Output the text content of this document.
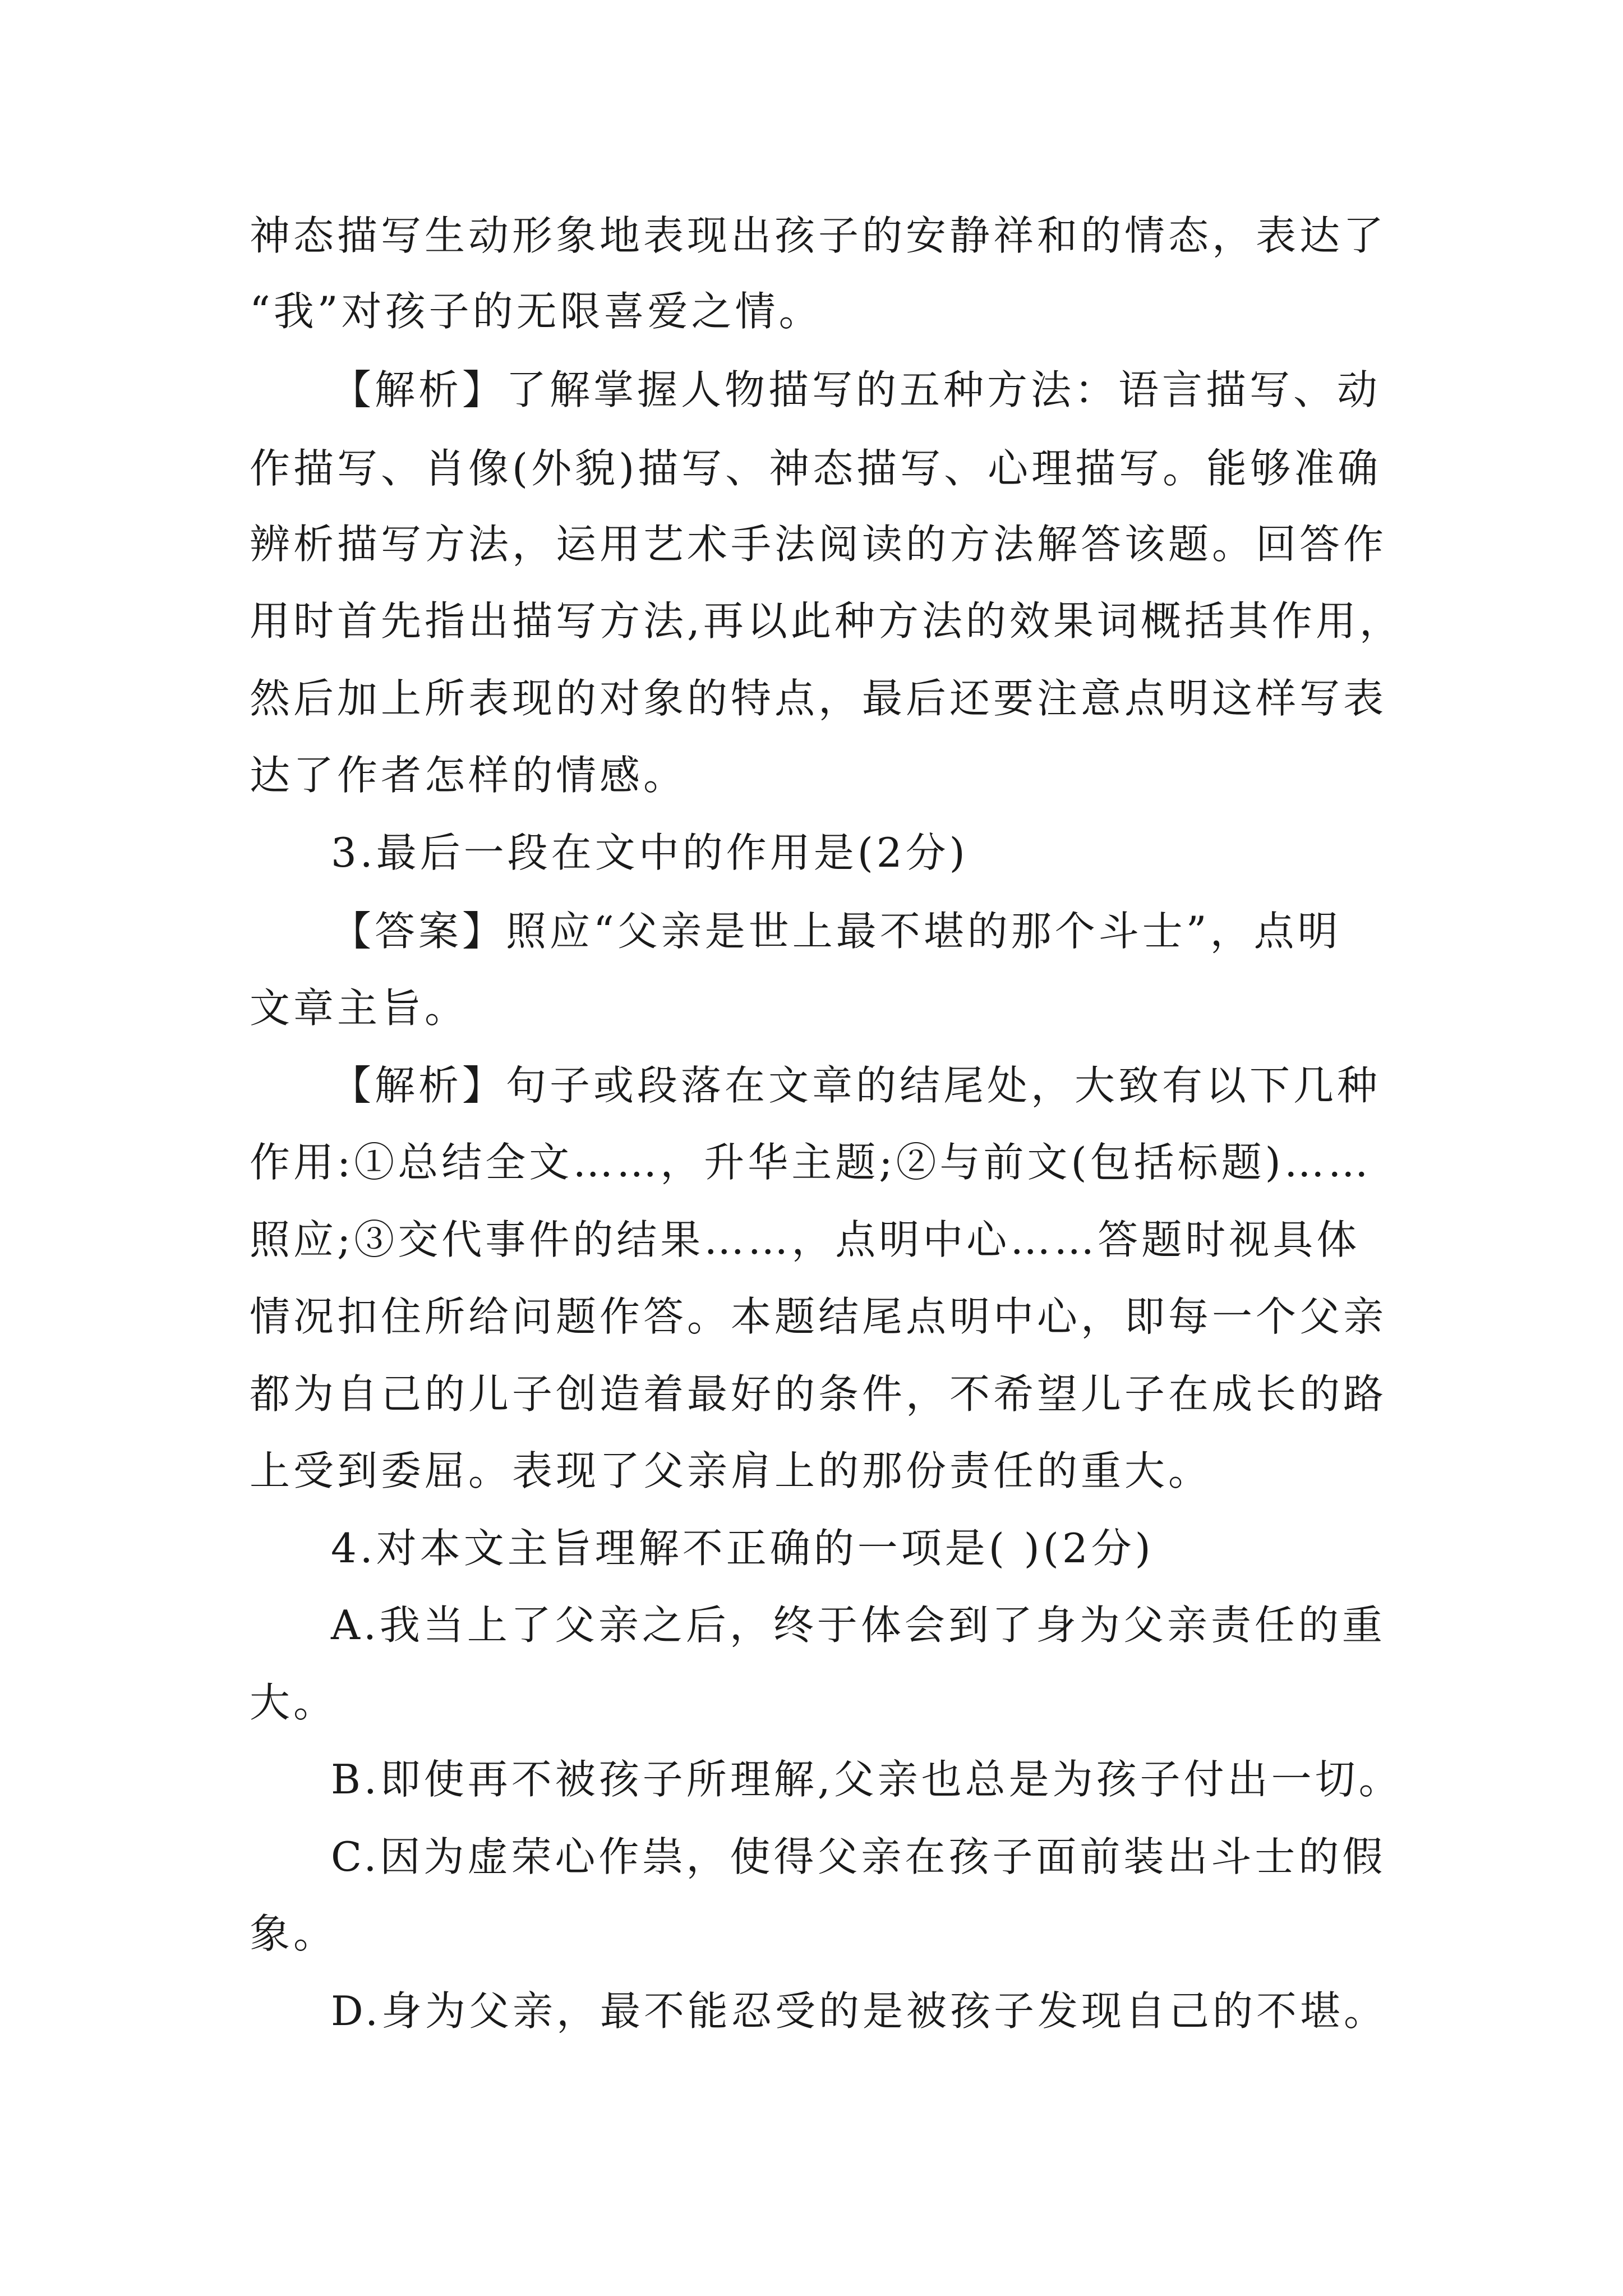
神态描写生动形象地表现出孩子的安静祥和的情态，表达了
“我”对孩子的无限喜爱之情。
【解析】了解掌握人物描写的五种方法：语言描写、动
作描写、肖像(外貌)描写、神态描写、心理描写。能够准确
辨析描写方法，运用艺术手法阅读的方法解答该题。回答作
用时首先指出描写方法,再以此种方法的效果词概括其作用，
然后加上所表现的对象的特点，最后还要注意点明这样写表
达了作者怎样的情感。
3.最后一段在文中的作用是(2分)
【答案】照应“父亲是世上最不堪的那个斗士”，点明
文章主旨。
【解析】句子或段落在文章的结尾处，大致有以下几种
作用:①总结全文……，升华主题;②与前文(包括标题)……
照应;③交代事件的结果……，点明中心……答题时视具体
情况扣住所给问题作答。本题结尾点明中心，即每一个父亲
都为自己的儿子创造着最好的条件，不希望儿子在成长的路
上受到委屈。表现了父亲肩上的那份责任的重大。
4.对本文主旨理解不正确的一项是( )(2分)
A.我当上了父亲之后，终于体会到了身为父亲责任的重
大。
B.即使再不被孩子所理解,父亲也总是为孩子付出一切。
C.因为虚荣心作祟，使得父亲在孩子面前装出斗士的假
象。
D.身为父亲，最不能忍受的是被孩子发现自己的不堪。
